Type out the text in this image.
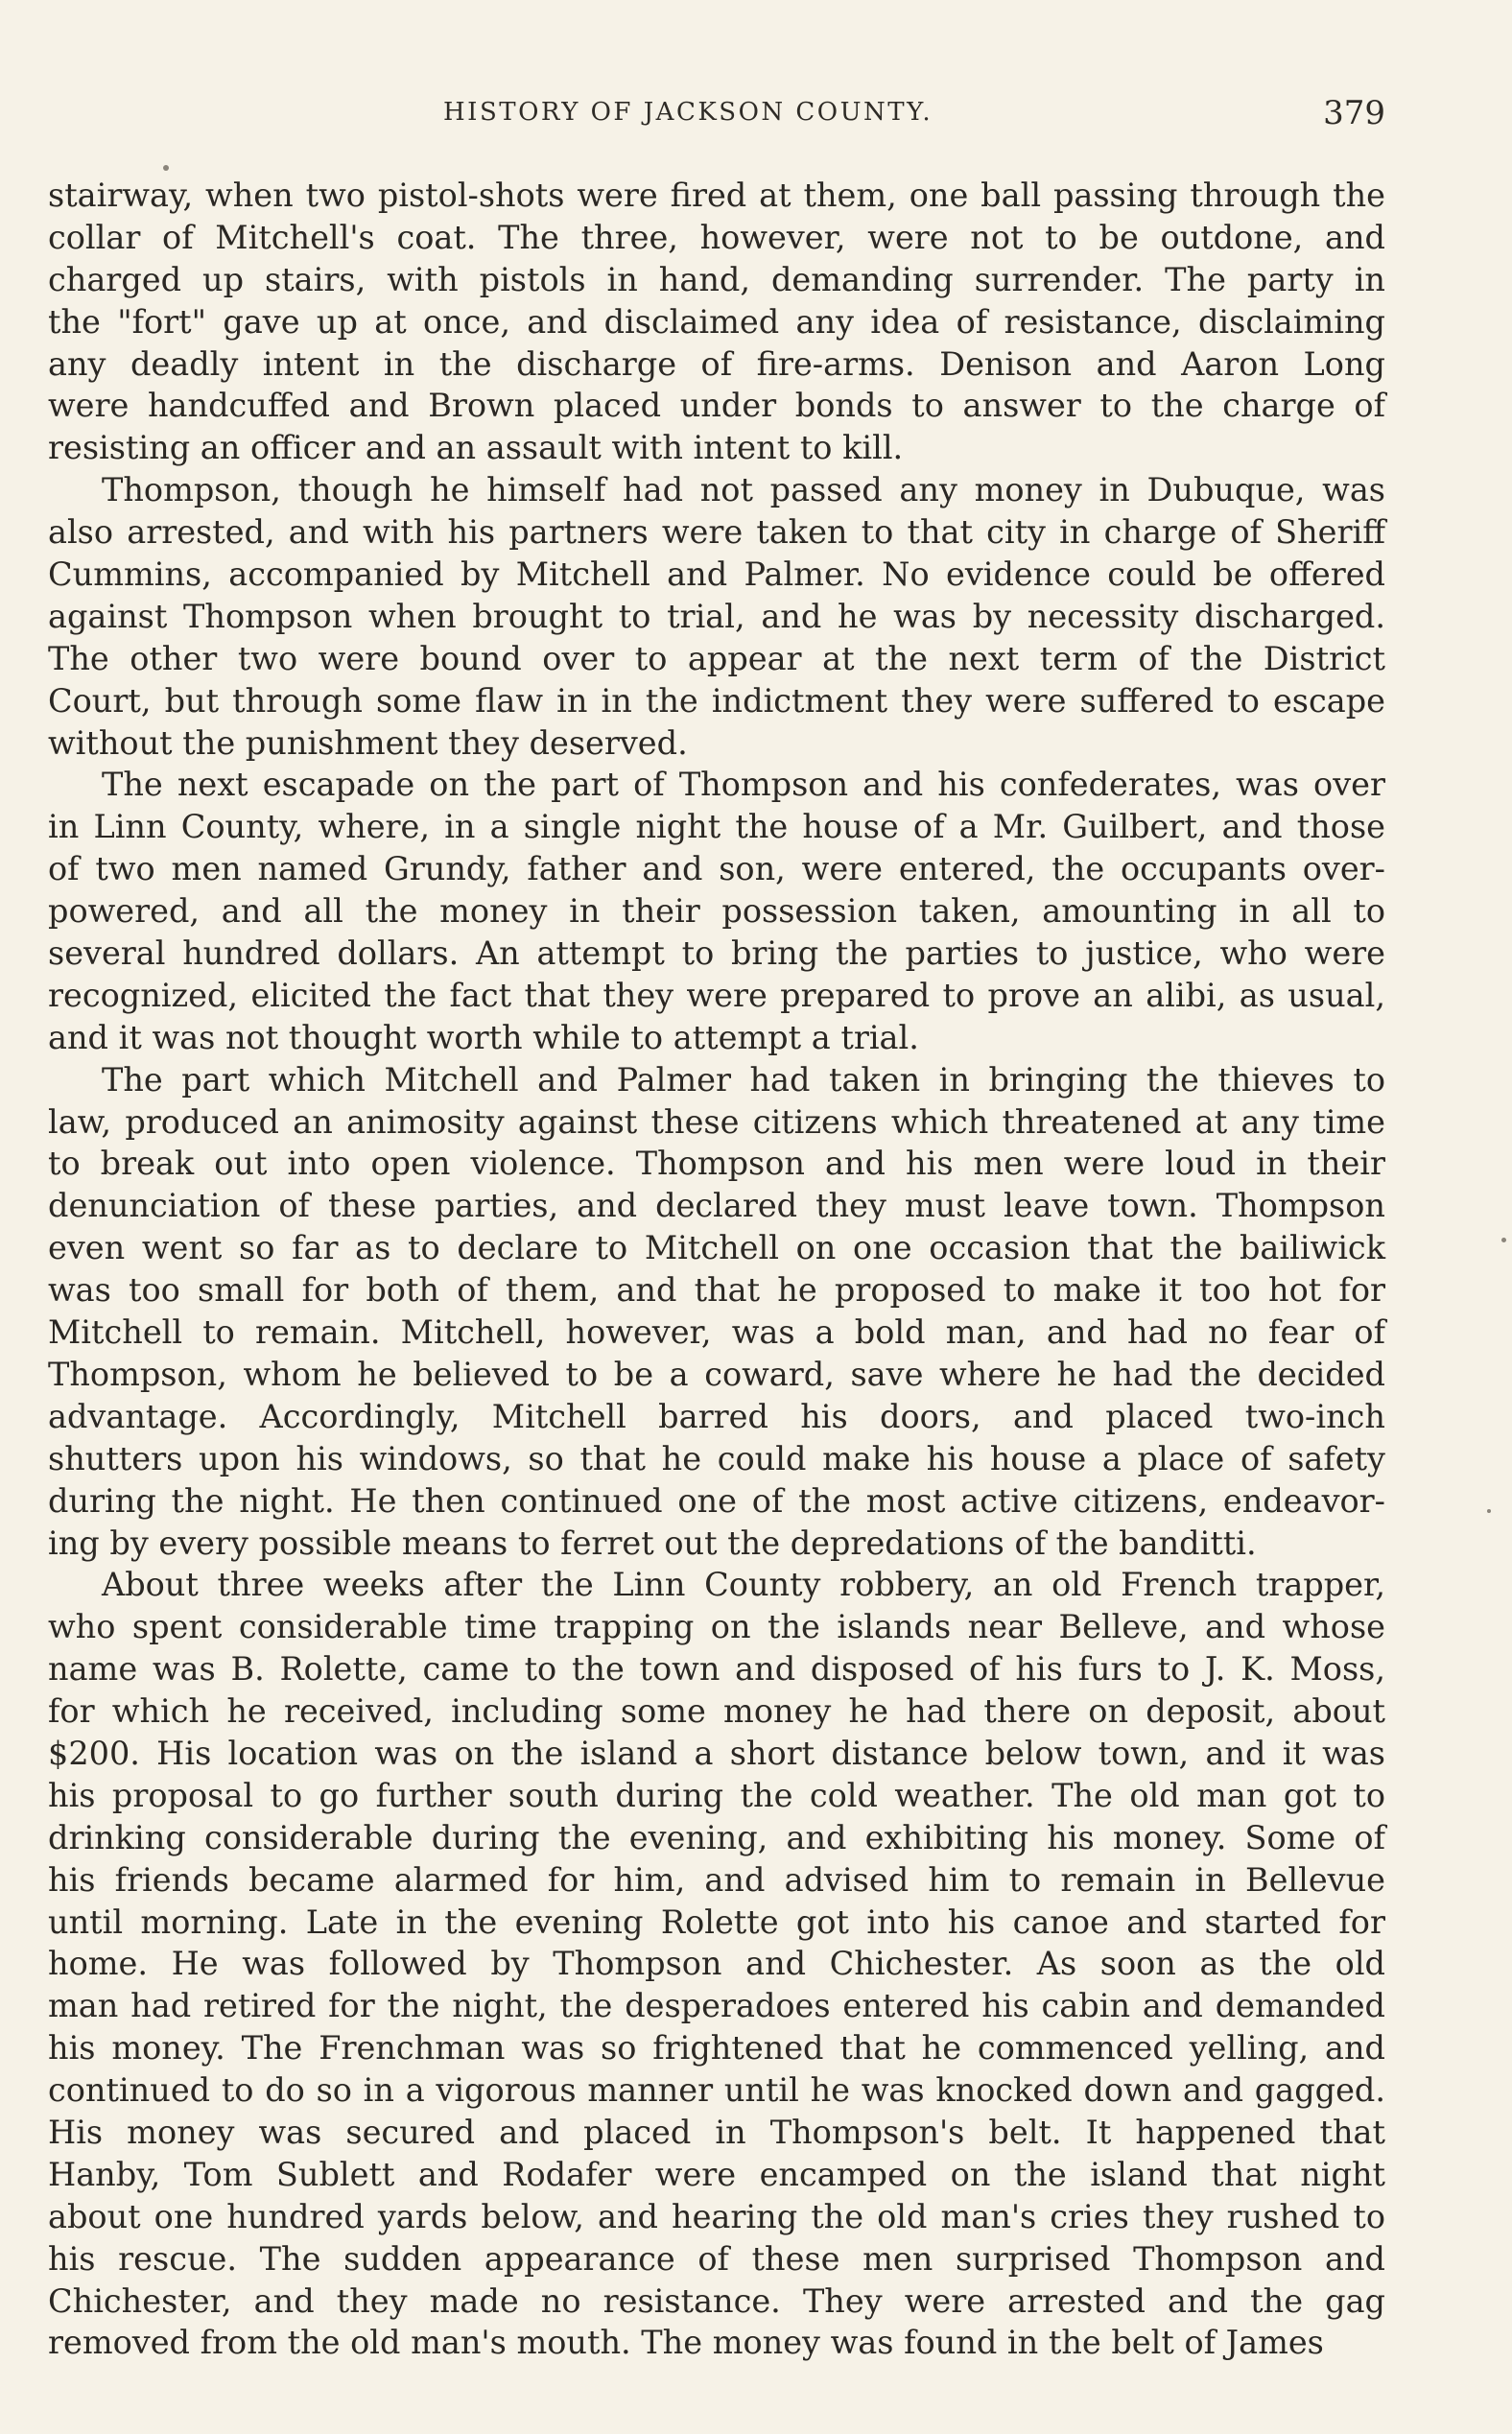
HISTORY OF JACKSON COUNTY.	379
stairway, when two pistol-shots were fired at them, one ball passing through the
collar of Mitchell's coat. The three, however, were not to be outdone, and
charged up stairs, with pistols in hand, demanding surrender. The party in
the "fort" gave up at once, and disclaimed any idea of resistance, disclaiming
any deadly intent in the discharge of fire-arms. Denison and Aaron Long
were handcuffed and Brown placed under bonds to answer to the charge of
resisting an officer and an assault with intent to kill.
Thompson, though he himself had not passed any money in Dubuque, was
also arrested, and with his partners were taken to that city in charge of Sheriff
Cummins, accompanied by Mitchell and Palmer. No evidence could be offered
against Thompson when brought to trial, and he was by necessity discharged.
The other two were bound over to appear at the next term of the District
Court, but through some flaw in in the indictment they were suffered to escape
without the punishment they deserved.
The next escapade on the part of Thompson and his confederates, was over
in Linn County, where, in a single night the house of a Mr. Guilbert, and those
of two men named Grundy, father and son, were entered, the occupants over-
powered, and all the money in their possession taken, amounting in all to
several hundred dollars. An attempt to bring the parties to justice, who were
recognized, elicited the fact that they were prepared to prove an alibi, as usual,
and it was not thought worth while to attempt a trial.
The part which Mitchell and Palmer had taken in bringing the thieves to
law, produced an animosity against these citizens which threatened at any time
to break out into open violence. Thompson and his men were loud in their
denunciation of these parties, and declared they must leave town. Thompson
even went so far as to declare to Mitchell on one occasion that the bailiwick
was too small for both of them, and that he proposed to make it too hot for
Mitchell to remain. Mitchell, however, was a bold man, and had no fear of
Thompson, whom he believed to be a coward, save where he had the decided
advantage. Accordingly, Mitchell barred his doors, and placed two-inch
shutters upon his windows, so that he could make his house a place of safety
during the night. He then continued one of the most active citizens, endeavor-
ing by every possible means to ferret out the depredations of the banditti.
About three weeks after the Linn County robbery, an old French trapper,
who spent considerable time trapping on the islands near Belleve, and whose
name was B. Rolette, came to the town and disposed of his furs to J. K. Moss,
for which he received, including some money he had there on deposit, about
$200. His location was on the island a short distance below town, and it was
his proposal to go further south during the cold weather. The old man got to
drinking considerable during the evening, and exhibiting his money. Some of
his friends became alarmed for him, and advised him to remain in Bellevue
until morning. Late in the evening Rolette got into his canoe and started for
home. He was followed by Thompson and Chichester. As soon as the old
man had retired for the night, the desperadoes entered his cabin and demanded
his money. The Frenchman was so frightened that he commenced yelling, and
continued to do so in a vigorous manner until he was knocked down and gagged.
His money was secured and placed in Thompson's belt. It happened that
Hanby, Tom Sublett and Rodafer were encamped on the island that night
about one hundred yards below, and hearing the old man's cries they rushed to
his rescue. The sudden appearance of these men surprised Thompson and
Chichester, and they made no resistance. They were arrested and the gag
removed from the old man's mouth. The money was found in the belt of James
